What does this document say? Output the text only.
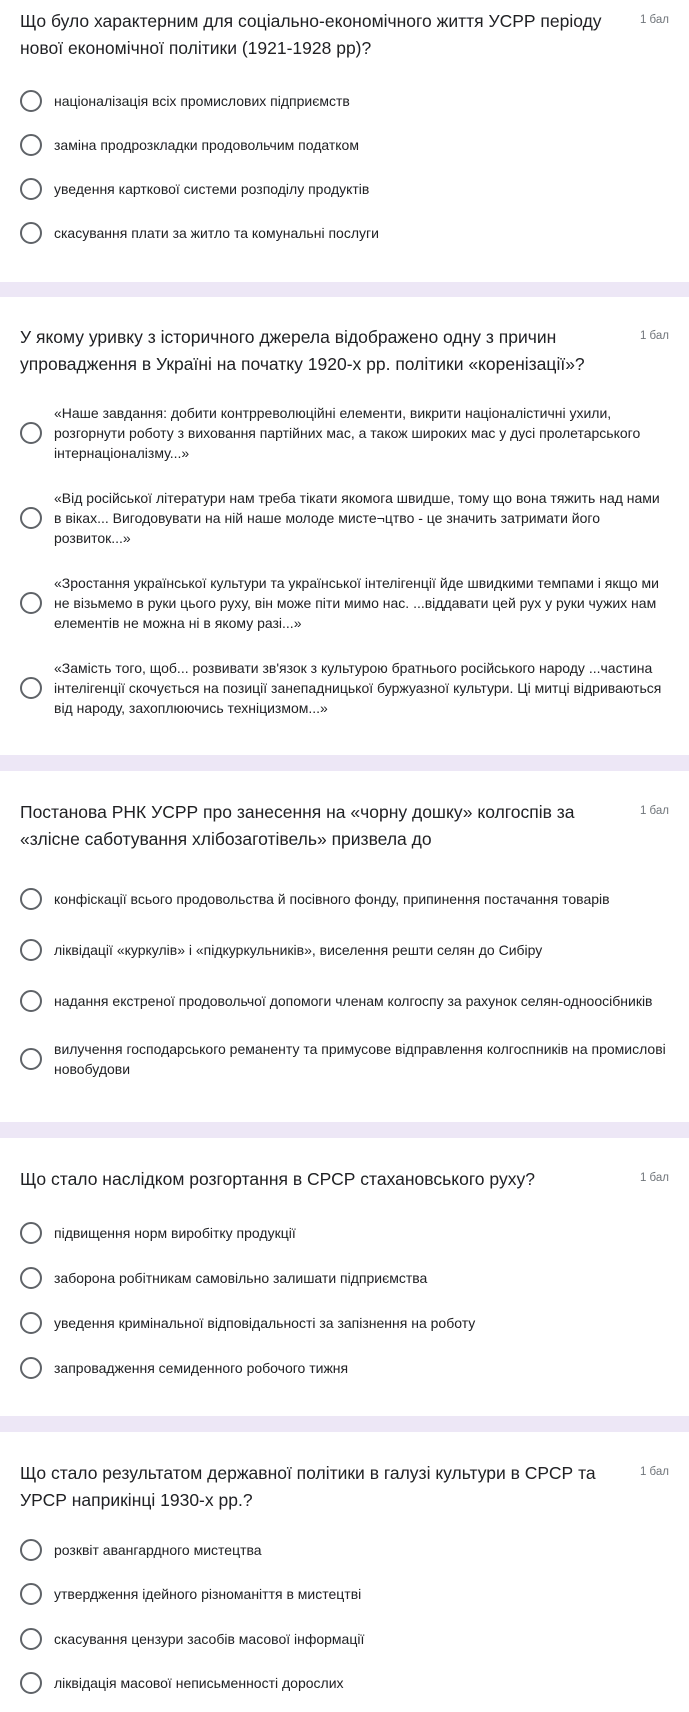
Що було характерним для соціально-економічного життя УСРР періоду нової економічної політики (1921-1928 рр)?
1 бал
націоналізація всіх промислових підприємств
заміна продрозкладки продовольчим податком
уведення карткової системи розподілу продуктів
скасування плати за житло та комунальні послуги
У якому уривку з історичного джерела відображено одну з причин упровадження в Україні на початку 1920-х рр. політики «коренізації»?
1 бал
«Наше завдання: добити контрреволюційні елементи, викрити націоналістичні ухили, розгорнути роботу з виховання партійних мас, а також широких мас у дусі пролетарського інтернаціоналізму...»
«Від російської літератури нам треба тікати якомога швидше, тому що вона тяжить над нами в віках... Вигодовувати на ній наше молоде мисте¬цтво - це значить затримати його розвиток...»
«Зростання української культури та української інтелігенції йде швидкими темпами і якщо ми не візьмемо в руки цього руху, він може піти мимо нас. ...віддавати цей рух у руки чужих нам елементів не можна ні в якому разі...»
«Замість того, щоб... розвивати зв'язок з культурою братнього російського народу ...частина інтелігенції скочується на позиції занепадницької буржуазної культури. Ці митці відриваються від народу, захоплюючись техніцизмом...»
Постанова РНК УСРР про занесення на «чорну дошку» колгоспів за «злісне саботування хлібозаготівель» призвела до
1 бал
конфіскації всього продовольства й посівного фонду, припинення постачання товарів
ліквідації «куркулів» і «підкуркульників», виселення решти селян до Сибіру
надання екстреної продовольчої допомоги членам колгоспу за рахунок селян-одноосібників
вилучення господарського реманенту та примусове відправлення колгоспників на промислові новобудови
Що стало наслідком розгортання в СРСР стахановського руху?	1 бал
підвищення норм виробітку продукції
заборона робітникам самовільно залишати підприємства
уведення кримінальної відповідальності за запізнення на роботу
запровадження семиденного робочого тижня
Що стало результатом державної політики в галузі культури в СРСР та УРСР наприкінці 1930-х рр.?
1 бал
розквіт авангардного мистецтва
утвердження ідейного різноманіття в мистецтві
скасування цензури засобів масової інформації
ліквідація масової неписьменності дорослих
